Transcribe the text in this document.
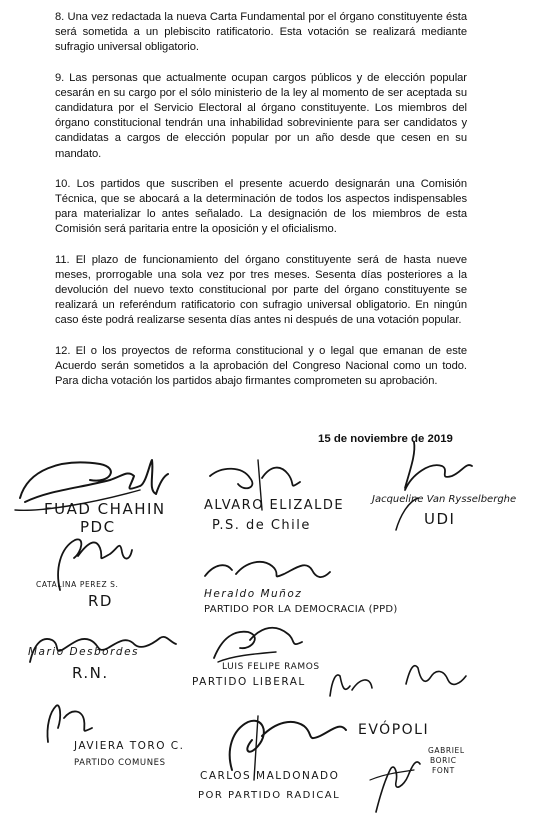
8. Una vez redactada la nueva Carta Fundamental por el órgano constituyente ésta será sometida a un plebiscito ratificatorio. Esta votación se realizará mediante sufragio universal obligatorio.

9. Las personas que actualmente ocupan cargos públicos y de elección popular cesarán en su cargo por el sólo ministerio de la ley al momento de ser aceptada su candidatura por el Servicio Electoral al órgano constituyente. Los miembros del órgano constitucional tendrán una inhabilidad sobreviniente para ser candidatos y candidatas a cargos de elección popular por un año desde que cesen en su mandato.

10. Los partidos que suscriben el presente acuerdo designarán una Comisión Técnica, que se abocará a la determinación de todos los aspectos indispensables para materializar lo antes señalado. La designación de los miembros de esta Comisión será paritaria entre la oposición y el oficialismo.

11. El plazo de funcionamiento del órgano constituyente será de hasta nueve meses, prorrogable una sola vez por tres meses. Sesenta días posteriores a la devolución del nuevo texto constitucional por parte del órgano constituyente se realizará un referéndum ratificatorio con sufragio universal obligatorio. En ningún caso éste podrá realizarse sesenta días antes ni después de una votación popular.

12. El o los proyectos de reforma constitucional y o legal que emanan de este Acuerdo serán sometidos a la aprobación del Congreso Nacional como un todo. Para dicha votación los partidos abajo firmantes comprometen su aprobación.

15 de noviembre de 2019
FUAD CHAHIN
PDC
ALVARO ELIZALDE
P.S. de Chile
Jacqueline Van Rysselberghe
UDI
CATALINA PEREZ S.
RD	Heraldo Muñoz
PARTIDO POR LA DEMOCRACIA (PPD)
Mario Desbordes
R.N.	LUIS FELIPE RAMOS
PARTIDO LIBERAL
JAVIERA TORO C.
PARTIDO COMUNES
EVÓPOLI
CARLOS MALDONADO
POR PARTIDO RADICAL
GABRIEL
BORIC
FONT
